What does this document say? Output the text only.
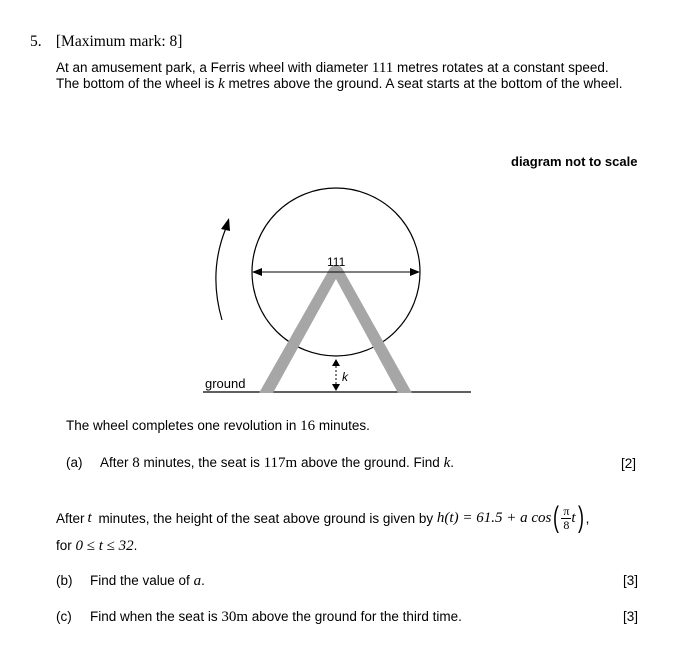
5. [Maximum mark: 8]
At an amusement park, a Ferris wheel with diameter 111 metres rotates at a constant speed.
The bottom of the wheel is k metres above the ground. A seat starts at the bottom of the wheel.
diagram not to scale
111
ground	k
The wheel completes one revolution in 16 minutes.
(a) After 8 minutes, the seat is 117m above the ground. Find k.	[2]
After t minutes, the height of the seat above ground is given by h(t) = 61.5 + a cos ( $\frac{\pi}{8}$ t ) ,
for 0 ≤ t ≤ 32.
(b) Find the value of a.	[3]
(c) Find when the seat is 30m above the ground for the third time.	[3]
